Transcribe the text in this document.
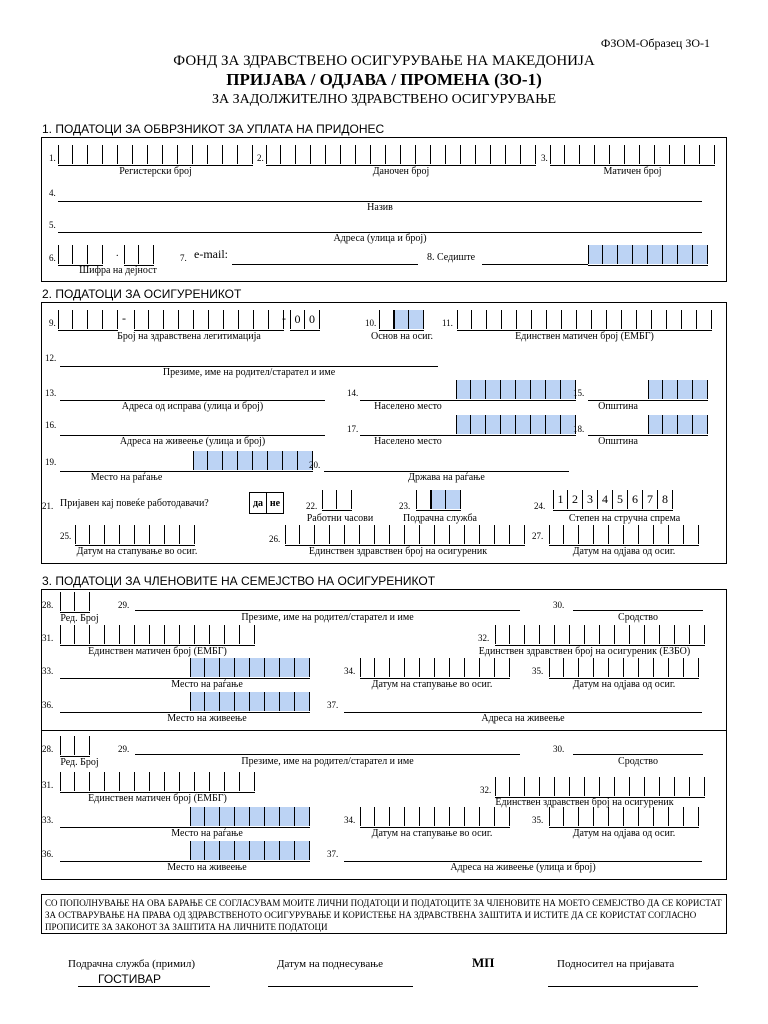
ФЗОМ-Образец ЗО-1
ФОНД ЗА ЗДРАВСТВЕНО ОСИГУРУВАЊЕ НА МАКЕДОНИЈА
ПРИЈАВА / ОДЈАВА / ПРОМЕНА (ЗО-1)
ЗА ЗАДОЛЖИТЕЛНО ЗДРАВСТВЕНО ОСИГУРУВАЊЕ
1. ПОДАТОЦИ ЗА ОБВРЗНИКОТ ЗА УПЛАТА НА ПРИДОНЕС
1.
Регистерски број
2.
Даночен број
3.
Матичен број
4.
Назив
5.
Адреса (улица и број)
6.	.
Шифра на дејност
7. e-mail:	8. Седиште
2. ПОДАТОЦИ ЗА ОСИГУРЕНИКОТ
9.	-	- 0 0
Број на здравствена легитимација
10.
Основ на осиг.
11.
Единствен матичен број (ЕМБГ)
12.
Презиме, име на родител/старател и име
13.
Адреса од исправа (улица и број)
14.
Населено место
15.
Општина
16.
Адреса на живеење (улица и број)
17.
Населено место
18.
Општина
19.
Место на раѓање
20.
Држава на раѓање
21. Пријавен кај повеќе работодавачи?	да не	22.
Работни часови
23.
Подрачна служба
24.	1 2 3 4 5 6 7 8
Степен на стручна спрема
25.
Датум на стапување во осиг.
26.
Единствен здравствен број на осигуреник
27.
Датум на одјава од осиг.
3. ПОДАТОЦИ ЗА ЧЛЕНОВИТЕ НА СЕМЕЈСТВО НА ОСИГУРЕНИКОТ
28.
Ред. Број
29.
Презиме, име на родител/старател и име
30.
Сродство
31.
Единствен матичен број (ЕМБГ)
32.
Единствен здравствен број на осигуреник (ЕЗБО)
33.
Место на раѓање
34.
Датум на стапување во осиг.
35.
Датум на одјава од осиг.
36.
Место на живеење
37.
Адреса на живеење
28.
Ред. Број
29.
Презиме, име на родител/старател и име
30.
Сродство
31.
Единствен матичен број (ЕМБГ)
32.
Единствен здравствен број на осигуреник
33.
Место на раѓање
34.
Датум на стапување во осиг.
35.
Датум на одјава од осиг.
36.
Место на живеење
37.
Адреса на живеење (улица и број)
СО ПОПОЛНУВАЊЕ НА ОВА БАРАЊЕ СЕ СОГЛАСУВАМ МОИТЕ ЛИЧНИ ПОДАТОЦИ И ПОДАТОЦИТЕ ЗА ЧЛЕНОВИТЕ НА МОЕТО СЕМЕЈСТВО ДА СЕ КОРИСТАТ
ЗА ОСТВАРУВАЊЕ НА ПРАВА ОД ЗДРАВСТВЕНОТО ОСИГУРУВАЊЕ И КОРИСТЕЊЕ НА ЗДРАВСТВЕНА ЗАШТИТА И ИСТИТЕ ДА СЕ КОРИСТАТ СОГЛАСНО
ПРОПИСИТЕ ЗА ЗАКОНОТ ЗА ЗАШТИТА НА ЛИЧНИТЕ ПОДАТОЦИ
Подрачна служба (примил)
ГОСТИВАР
Датум на поднесување	МП	Подносител на пријавата
